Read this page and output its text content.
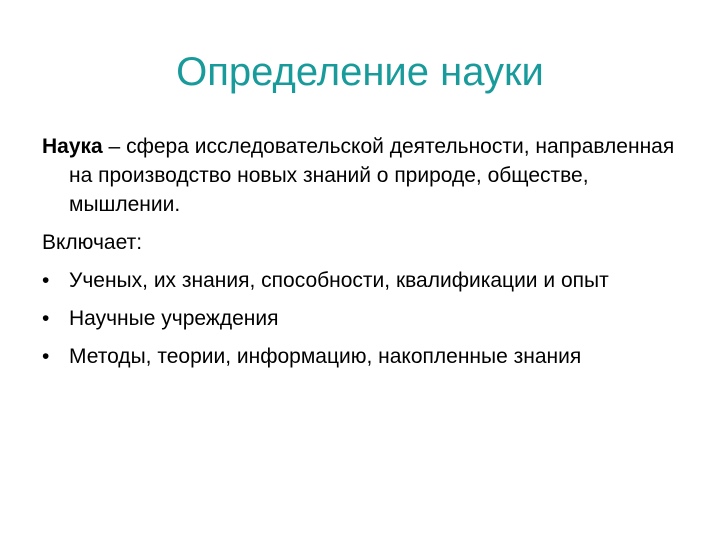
Определение науки

Наука – сфера исследовательской деятельности, направленная на производство новых знаний о природе, обществе, мышлении.

Включает:

• Ученых, их знания, способности, квалификации и опыт
• Научные учреждения
• Методы, теории, информацию, накопленные знания
